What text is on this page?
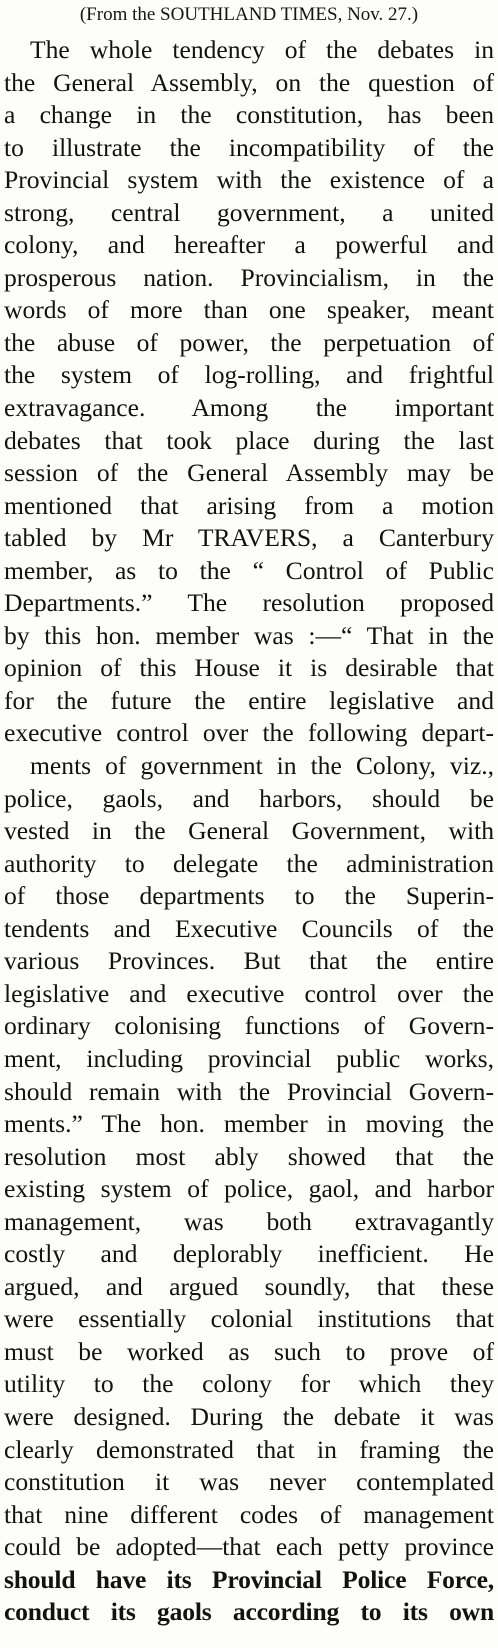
(From the SOUTHLAND TIMES, Nov. 27.)
The whole tendency of the debates in
the General Assembly, on the question of
a change in the constitution, has been
to illustrate the incompatibility of the
Provincial system with the existence of a
strong, central government, a united
colony, and hereafter a powerful and
prosperous nation. Provincialism, in the
words of more than one speaker, meant
the abuse of power, the perpetuation of
the system of log-rolling, and frightful
extravagance. Among the important
debates that took place during the last
session of the General Assembly may be
mentioned that arising from a motion
tabled by Mr TRAVERS, a Canterbury
member, as to the “ Control of Public
Departments.” The resolution proposed
by this hon. member was :—“ That in the
opinion of this House it is desirable that
for the future the entire legislative and
executive control over the following depart-
ments of government in the Colony, viz.,
police, gaols, and harbors, should be
vested in the General Government, with
authority to delegate the administration
of those departments to the Superin-
tendents and Executive Councils of the
various Provinces. But that the entire
legislative and executive control over the
ordinary colonising functions of Govern-
ment, including provincial public works,
should remain with the Provincial Govern-
ments.” The hon. member in moving the
resolution most ably showed that the
existing system of police, gaol, and harbor
management, was both extravagantly
costly and deplorably inefficient. He
argued, and argued soundly, that these
were essentially colonial institutions that
must be worked as such to prove of
utility to the colony for which they
were designed. During the debate it was
clearly demonstrated that in framing the
constitution it was never contemplated
that nine different codes of management
could be adopted—that each petty province
should have its Provincial Police Force,
conduct its gaols according to its own
